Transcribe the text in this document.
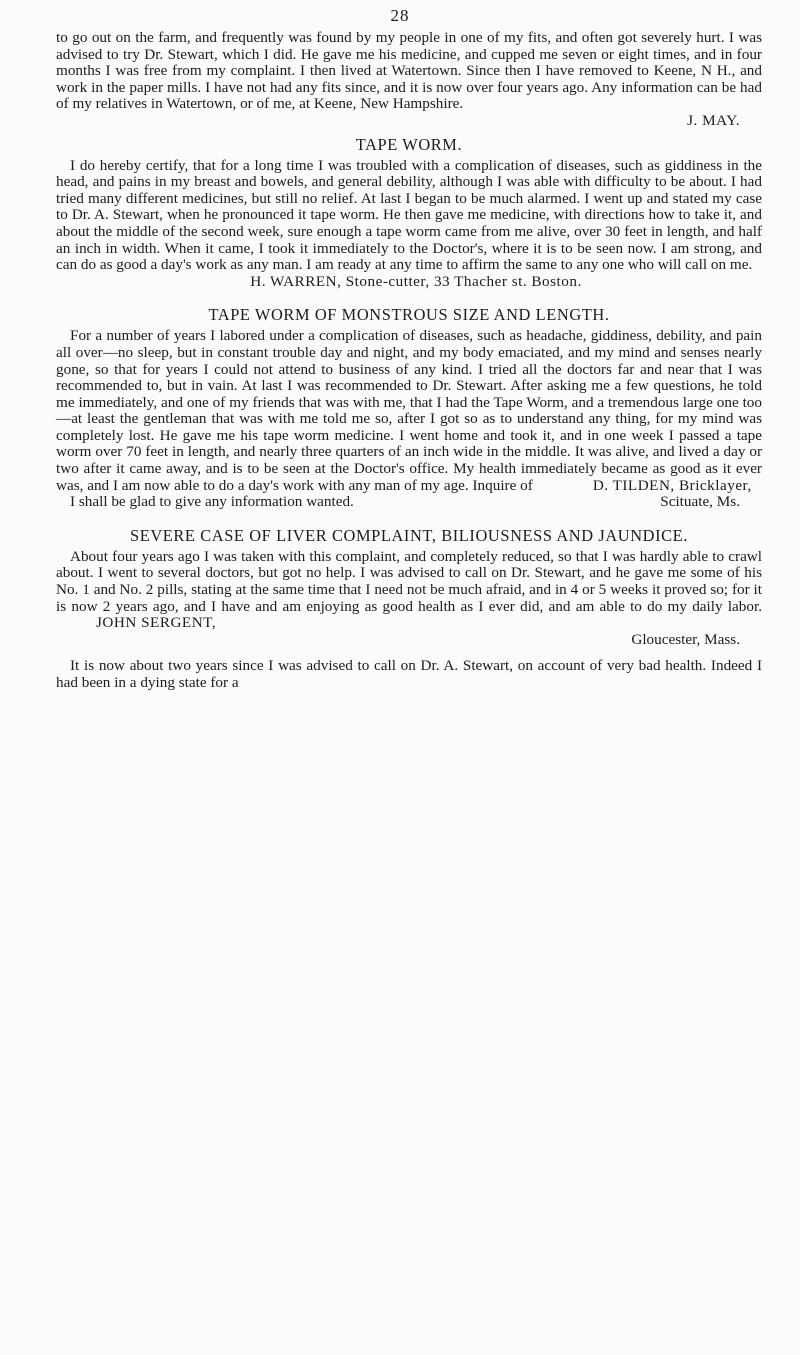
28

to go out on the farm, and frequently was found by my people in one of my fits, and often got severely hurt. I was advised to try Dr. Stewart, which I did. He gave me his medicine, and cupped me seven or eight times, and in four months I was free from my complaint. I then lived at Watertown. Since then I have removed to Keene, N H., and work in the paper mills. I have not had any fits since, and it is now over four years ago. Any information can be had of my relatives in Watertown, or of me, at Keene, New Hampshire.

J. MAY.

TAPE WORM.

I do hereby certify, that for a long time I was troubled with a complication of diseases, such as giddiness in the head, and pains in my breast and bowels, and general debility, although I was able with difficulty to be about. I had tried many different medicines, but still no relief. At last I began to be much alarmed. I went up and stated my case to Dr. A. Stewart, when he pronounced it tape worm. He then gave me medicine, with directions how to take it, and about the middle of the second week, sure enough a tape worm came from me alive, over 30 feet in length, and half an inch in width. When it came, I took it immediately to the Doctor's, where it is to be seen now. I am strong, and can do as good a day's work as any man. I am ready at any time to affirm the same to any one who will call on me.

H. WARREN, Stone-cutter, 33 Thacher st. Boston.

TAPE WORM OF MONSTROUS SIZE AND LENGTH.

For a number of years I labored under a complication of diseases, such as headache, giddiness, debility, and pain all over—no sleep, but in constant trouble day and night, and my body emaciated, and my mind and senses nearly gone, so that for years I could not attend to business of any kind. I tried all the doctors far and near that I was recommended to, but in vain. At last I was recommended to Dr. Stewart. After asking me a few questions, he told me immediately, and one of my friends that was with me, that I had the Tape Worm, and a tremendous large one too—at least the gentleman that was with me told me so, after I got so as to understand any thing, for my mind was completely lost. He gave me his tape worm medicine. I went home and took it, and in one week I passed a tape worm over 70 feet in length, and nearly three quarters of an inch wide in the middle. It was alive, and lived a day or two after it came away, and is to be seen at the Doctor's office. My health immediately became as good as it ever was, and I am now able to do a day's work with any man of my age. Inquire of	D. TILDEN, Bricklayer,

I shall be glad to give any information wanted.	Scituate, Ms.
SEVERE CASE OF LIVER COMPLAINT, BILIOUSNESS AND JAUNDICE.

About four years ago I was taken with this complaint, and completely reduced, so that I was hardly able to crawl about. I went to several doctors, but got no help. I was advised to call on Dr. Stewart, and he gave me some of his No. 1 and No. 2 pills, stating at the same time that I need not be much afraid, and in 4 or 5 weeks it proved so; for it is now 2 years ago, and I have and am enjoying as good health as I ever did, and am able to do my daily labor.JOHN SERGENT,

Gloucester, Mass.

It is now about two years since I was advised to call on Dr. A. Stewart, on account of very bad health. Indeed I had been in a dying state for a
